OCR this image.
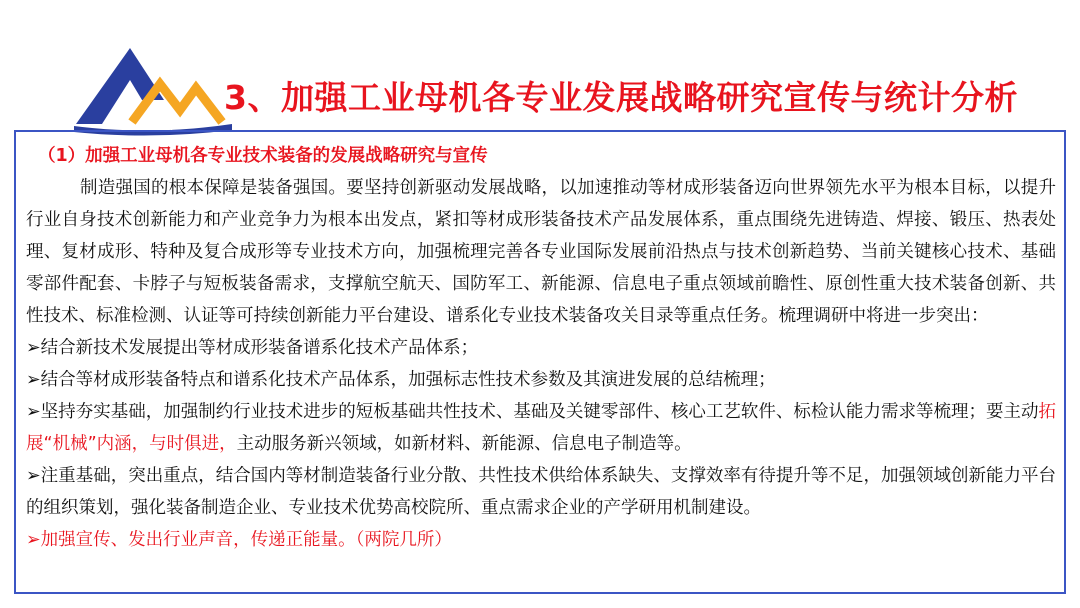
CAM
3、加强工业母机各专业发展战略研究宣传与统计分析
（1）加强工业母机各专业技术装备的发展战略研究与宣传

制造强国的根本保障是装备强国。要坚持创新驱动发展战略，以加速推动等材成形装备迈向世界领先水平为根本目标，以提升行业自身技术创新能力和产业竞争力为根本出发点，紧扣等材成形装备技术产品发展体系，重点围绕先进铸造、焊接、锻压、热表处理、复材成形、特种及复合成形等专业技术方向，加强梳理完善各专业国际发展前沿热点与技术创新趋势、当前关键核心技术、基础零部件配套、卡脖子与短板装备需求，支撑航空航天、国防军工、新能源、信息电子重点领域前瞻性、原创性重大技术装备创新、共性技术、标准检测、认证等可持续创新能力平台建设、谱系化专业技术装备攻关目录等重点任务。梳理调研中将进一步突出：

➢结合新技术发展提出等材成形装备谱系化技术产品体系；

➢结合等材成形装备特点和谱系化技术产品体系，加强标志性技术参数及其演进发展的总结梳理；

➢坚持夯实基础，加强制约行业技术进步的短板基础共性技术、基础及关键零部件、核心工艺软件、标检认能力需求等梳理；要主动拓展“机械”内涵，与时俱进，主动服务新兴领域，如新材料、新能源、信息电子制造等。

➢注重基础，突出重点，结合国内等材制造装备行业分散、共性技术供给体系缺失、支撑效率有待提升等不足，加强领域创新能力平台的组织策划，强化装备制造企业、专业技术优势高校院所、重点需求企业的产学研用机制建设。

➢加强宣传、发出行业声音，传递正能量。（两院几所）
